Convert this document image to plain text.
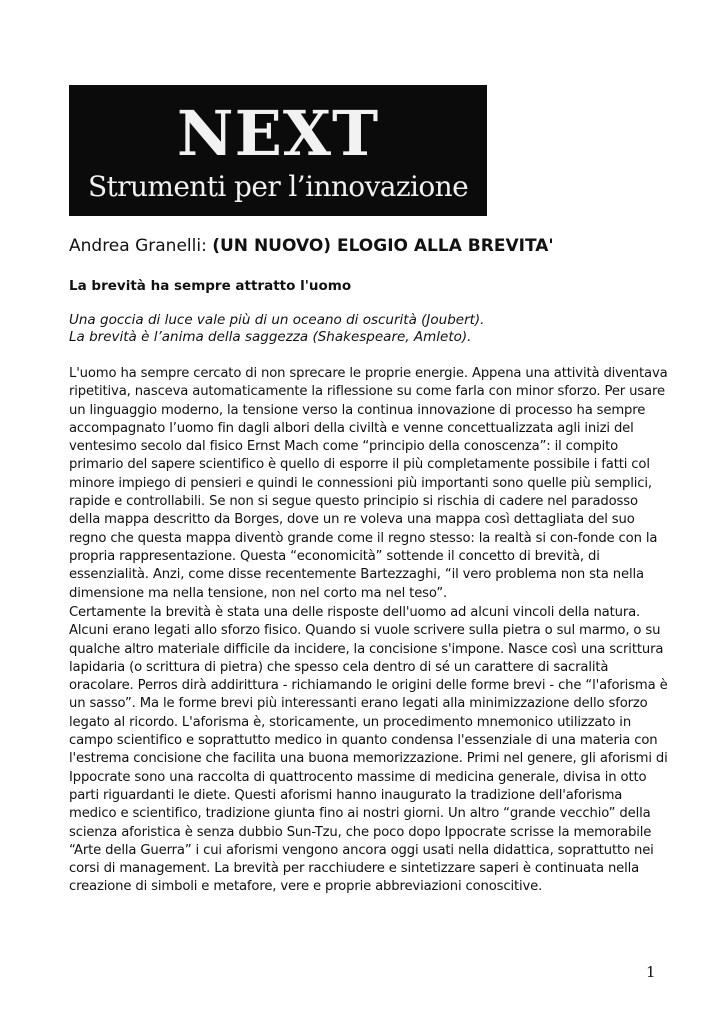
NEXT
Strumenti per l’innovazione
Andrea Granelli: (UN NUOVO) ELOGIO ALLA BREVITA'
La brevità ha sempre attratto l'uomo
Una goccia di luce vale più di un oceano di oscurità (Joubert).
La brevità è l’anima della saggezza (Shakespeare, Amleto).

L'uomo ha sempre cercato di non sprecare le proprie energie. Appena una attività diventava ripetitiva, nasceva automaticamente la riflessione su come farla con minor sforzo. Per usare un linguaggio moderno, la tensione verso la continua innovazione di processo ha sempre accompagnato l’uomo fin dagli albori della civiltà e venne concettualizzata agli inizi del ventesimo secolo dal fisico Ernst Mach come “principio della conoscenza”: il compito primario del sapere scientifico è quello di esporre il più completamente possibile i fatti col minore impiego di pensieri e quindi le connessioni più importanti sono quelle più semplici, rapide e controllabili. Se non si segue questo principio si rischia di cadere nel paradosso della mappa descritto da Borges, dove un re voleva una mappa così dettagliata del suo regno che questa mappa diventò grande come il regno stesso: la realtà si con-fonde con la propria rappresentazione. Questa “economicità” sottende il concetto di brevità, di essenzialità. Anzi, come disse recentemente Bartezzaghi, “il vero problema non sta nella dimensione ma nella tensione, non nel corto ma nel teso”.

Certamente la brevità è stata una delle risposte dell'uomo ad alcuni vincoli della natura. Alcuni erano legati allo sforzo fisico. Quando si vuole scrivere sulla pietra o sul marmo, o su qualche altro materiale difficile da incidere, la concisione s'impone. Nasce così una scrittura lapidaria (o scrittura di pietra) che spesso cela dentro di sé un carattere di sacralità oracolare. Perros dirà addirittura - richiamando le origini delle forme brevi - che “l'aforisma è un sasso”. Ma le forme brevi più interessanti erano legati alla minimizzazione dello sforzo legato al ricordo. L'aforisma è, storicamente, un procedimento mnemonico utilizzato in campo scientifico e soprattutto medico in quanto condensa l'essenziale di una materia con l'estrema concisione che facilita una buona memorizzazione. Primi nel genere, gli aforismi di Ippocrate sono una raccolta di quattrocento massime di medicina generale, divisa in otto parti riguardanti le diete. Questi aforismi hanno inaugurato la tradizione dell'aforisma medico e scientifico, tradizione giunta fino ai nostri giorni. Un altro “grande vecchio” della scienza aforistica è senza dubbio Sun-Tzu, che poco dopo Ippocrate scrisse la memorabile “Arte della Guerra” i cui aforismi vengono ancora oggi usati nella didattica, soprattutto nei corsi di management. La brevità per racchiudere e sintetizzare saperi è continuata nella creazione di simboli e metafore, vere e proprie abbreviazioni conoscitive.

1
